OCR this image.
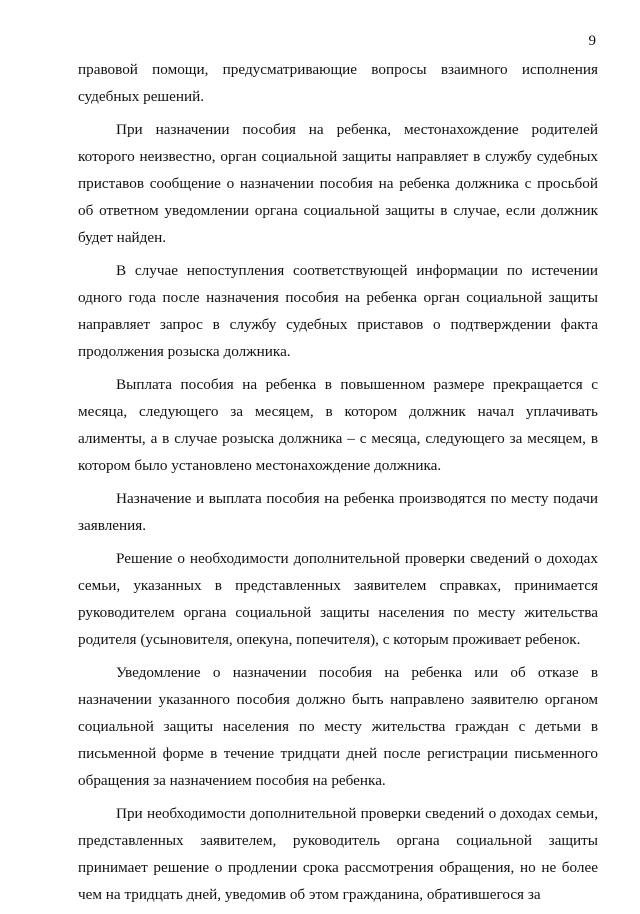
9

правовой помощи, предусматривающие вопросы взаимного исполнения судебных решений.

При назначении пособия на ребенка, местонахождение родителей которого неизвестно, орган социальной защиты направляет в службу судебных приставов сообщение о назначении пособия на ребенка должника с просьбой об ответном уведомлении органа социальной защиты в случае, если должник будет найден.

В случае непоступления соответствующей информации по истечении одного года после назначения пособия на ребенка орган социальной защиты направляет запрос в службу судебных приставов о подтверждении факта продолжения розыска должника.

Выплата пособия на ребенка в повышенном размере прекращается с месяца, следующего за месяцем, в котором должник начал уплачивать алименты, а в случае розыска должника – с месяца, следующего за месяцем, в котором было установлено местонахождение должника.

Назначение и выплата пособия на ребенка производятся по месту подачи заявления.

Решение о необходимости дополнительной проверки сведений о доходах семьи, указанных в представленных заявителем справках, принимается руководителем органа социальной защиты населения по месту жительства родителя (усыновителя, опекуна, попечителя), с которым проживает ребенок.

Уведомление о назначении пособия на ребенка или об отказе в назначении указанного пособия должно быть направлено заявителю органом социальной защиты населения по месту жительства граждан с детьми в письменной форме в течение тридцати дней после регистрации письменного обращения за назначением пособия на ребенка.

При необходимости дополнительной проверки сведений о доходах семьи, представленных заявителем, руководитель органа социальной защиты принимает решение о продлении срока рассмотрения обращения, но не более чем на тридцать дней, уведомив об этом гражданина, обратившегося за
